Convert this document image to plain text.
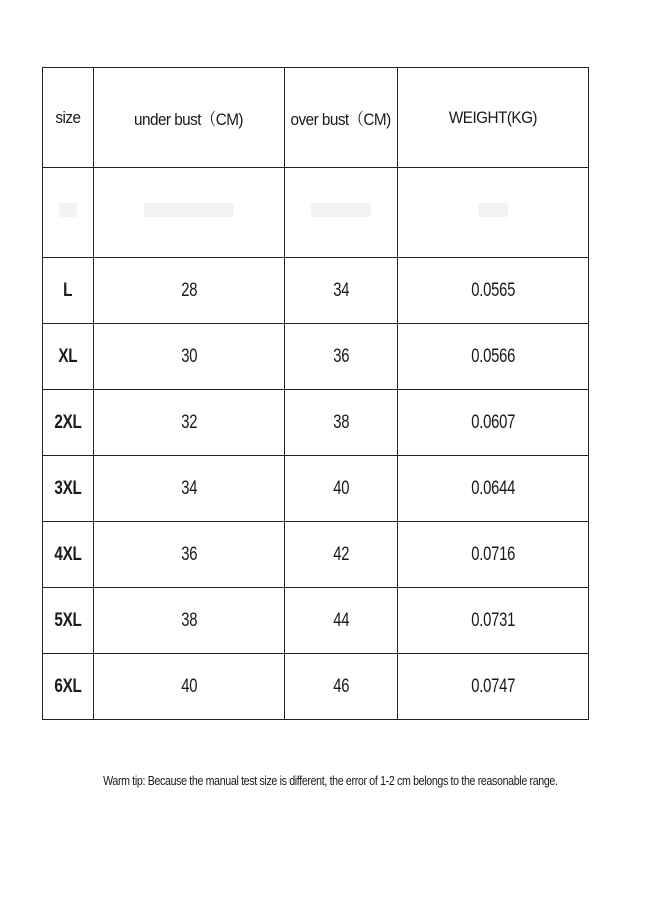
size	under bust（CM)	over bust（CM)	WEIGHT(KG)

L	28	34	0.0565
XL	30	36	0.0566
2XL	32	38	0.0607
3XL	34	40	0.0644
4XL	36	42	0.0716
5XL	38	44	0.0731
6XL	40	46	0.0747
Warm tip: Because the manual test size is different, the error of 1-2 cm belongs to the reasonable range.
